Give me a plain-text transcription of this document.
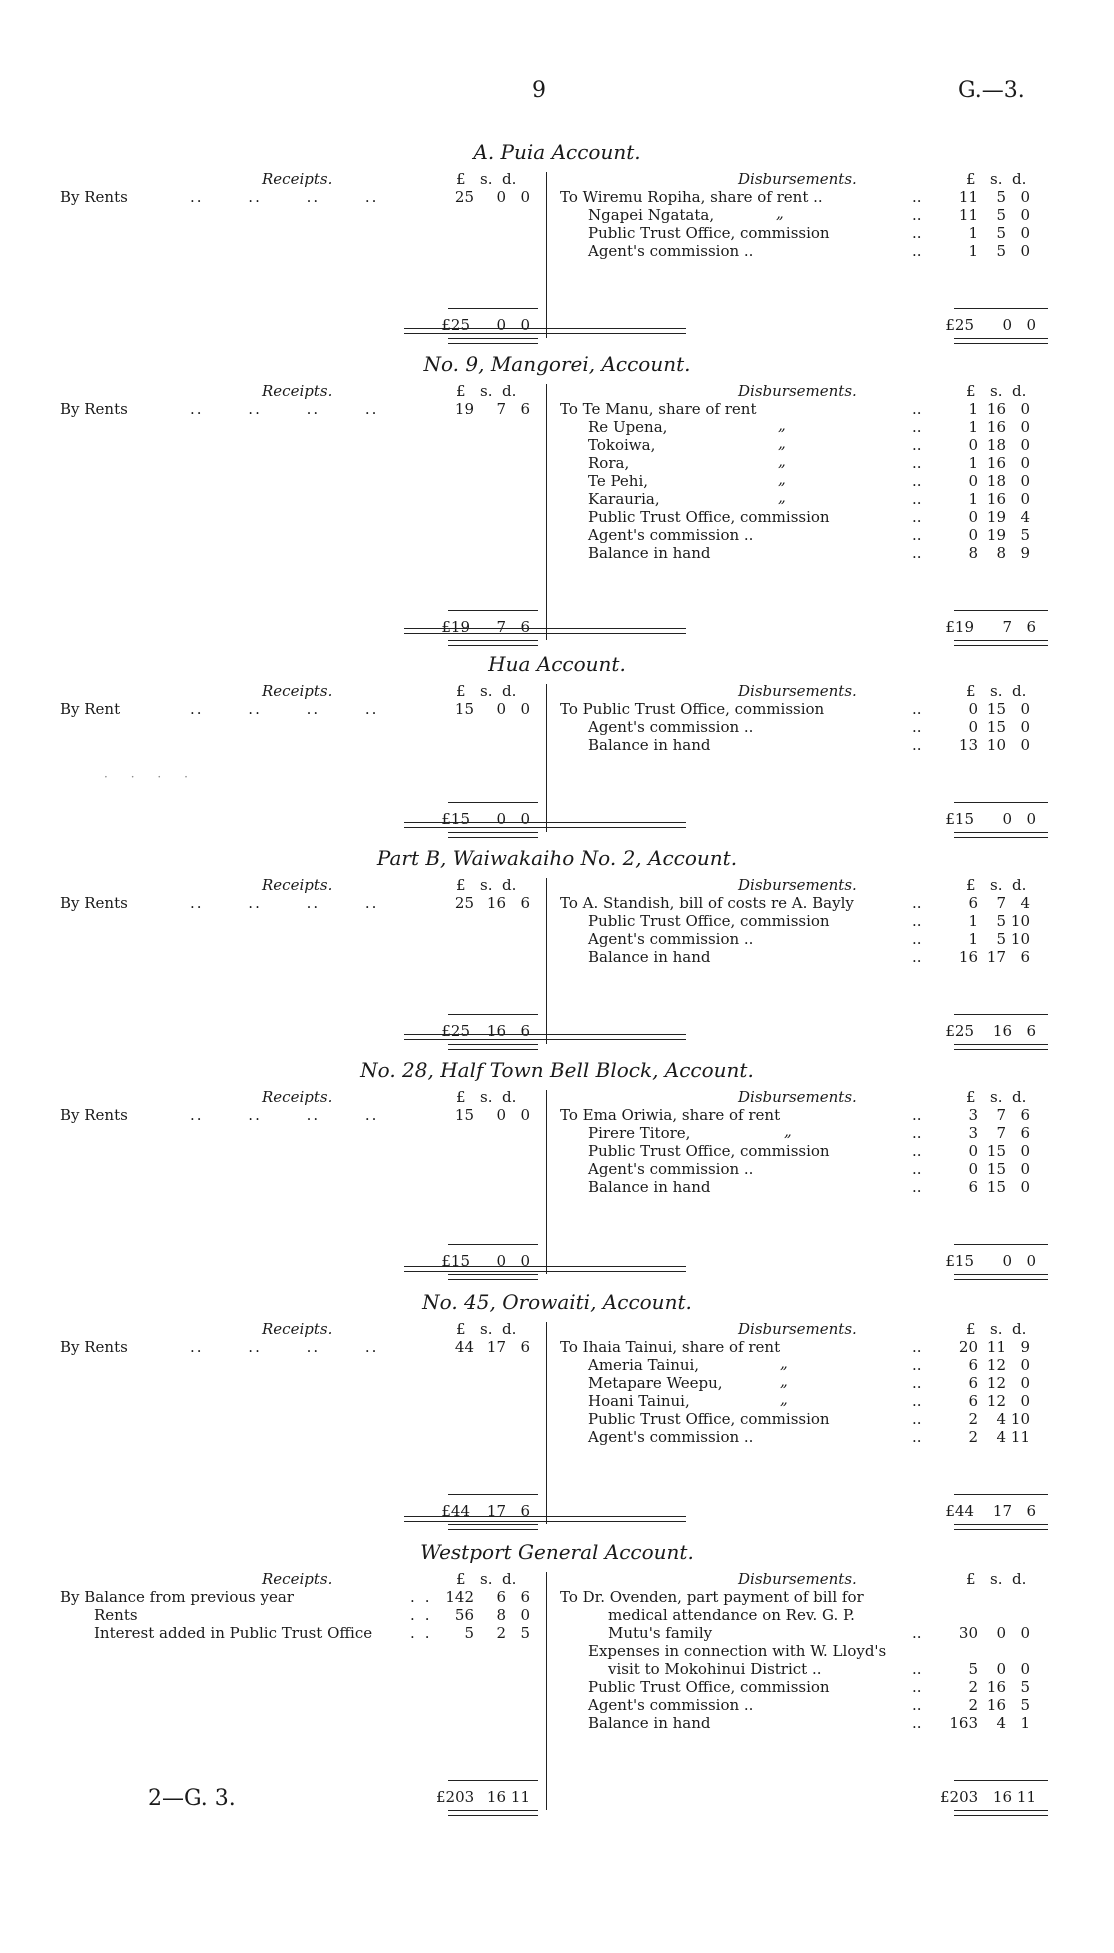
9	G.—3.
A. Puia Account.
Receipts.	Disbursements.
£ s. d.	£ s. d.
By Rents	.. .. .. ..	25	0 0 To Wiremu Ropiha, share of rent ..	..	11	5 0
Ngapei Ngatata,	„	..	11	5 0
Public Trust Office, commission	..	1	5 0
Agent's commission ..	..	1	5 0
£25	0 0	£25	0 0
No. 9, Mangorei, Account.
Receipts.	Disbursements.
£ s. d.	£ s. d.
By Rents	.. .. .. ..	19	7 6 To Te Manu, share of rent	..	1 16 0
Re Upena,	„	..	1 16 0
Tokoiwa,	„	..	0 18 0
Rora,	„	..	1 16 0
Te Pehi,	„	..	0 18 0
Karauria,	„	..	1 16 0
Public Trust Office, commission	..	0 19 4
Agent's commission ..	..	0 19 5
Balance in hand	..	8	8 9
£19	7 6	£19	7 6
Hua Account.
Receipts.	Disbursements.
£ s. d.	£ s. d.
By Rent	.. .. .. ..	15	0 0 To Public Trust Office, commission	..	0 15 0
Agent's commission ..	..	0 15 0
Balance in hand	..	13 10 0
£15	0 0	£15	0 0
Part B, Waiwakaiho No. 2, Account.
Receipts.	Disbursements.
£ s. d.	£ s. d.
By Rents	.. .. .. ..	25 16 6 To A. Standish, bill of costs re A. Bayly	..	6	7 4
Public Trust Office, commission	..	1	5 10
Agent's commission ..	..	1	5 10
Balance in hand	..	16 17 6
£25	16 6	£25	16 6
No. 28, Half Town Bell Block, Account.
Receipts.	Disbursements.
£ s. d.	£ s. d.
By Rents	.. .. .. ..	15	0 0 To Ema Oriwia, share of rent	..	3	7 6
Pirere Titore,	„	..	3	7 6
Public Trust Office, commission	..	0 15 0
Agent's commission ..	..	0 15 0
Balance in hand	..	6 15 0
£15	0 0	£15	0 0
No. 45, Orowaiti, Account.
Receipts.	Disbursements.
£ s. d.	£ s. d.
By Rents	.. .. .. ..	44 17 6 To Ihaia Tainui, share of rent	..	20 11 9
Ameria Tainui,	„	..	6 12 0
Metapare Weepu,	„	..	6 12 0
Hoani Tainui,	„	..	6 12 0
Public Trust Office, commission	..	2	4 10
Agent's commission ..	..	2	4 11
£44	17 6	£44	17 6
Westport General Account.
Receipts.	Disbursements.
£ s. d.	£ s. d.
By Balance from previous year	.. 142	6 6
Rents	..	56	8 0
Interest added in Public Trust Office	..	5	2 5
To Dr. Ovenden, part payment of bill for
medical attendance on Rev. G. P.
Mutu's family	..	30	0 0
Expenses in connection with W. Lloyd's
visit to Mokohinui District ..	..	5	0 0
Public Trust Office, commission	..	2 16 5
Agent's commission ..	..	2 16 5
Balance in hand	..	163	4 1
£203 16 11	£203 16 11
·      ·      ·      ·
2—G. 3.
